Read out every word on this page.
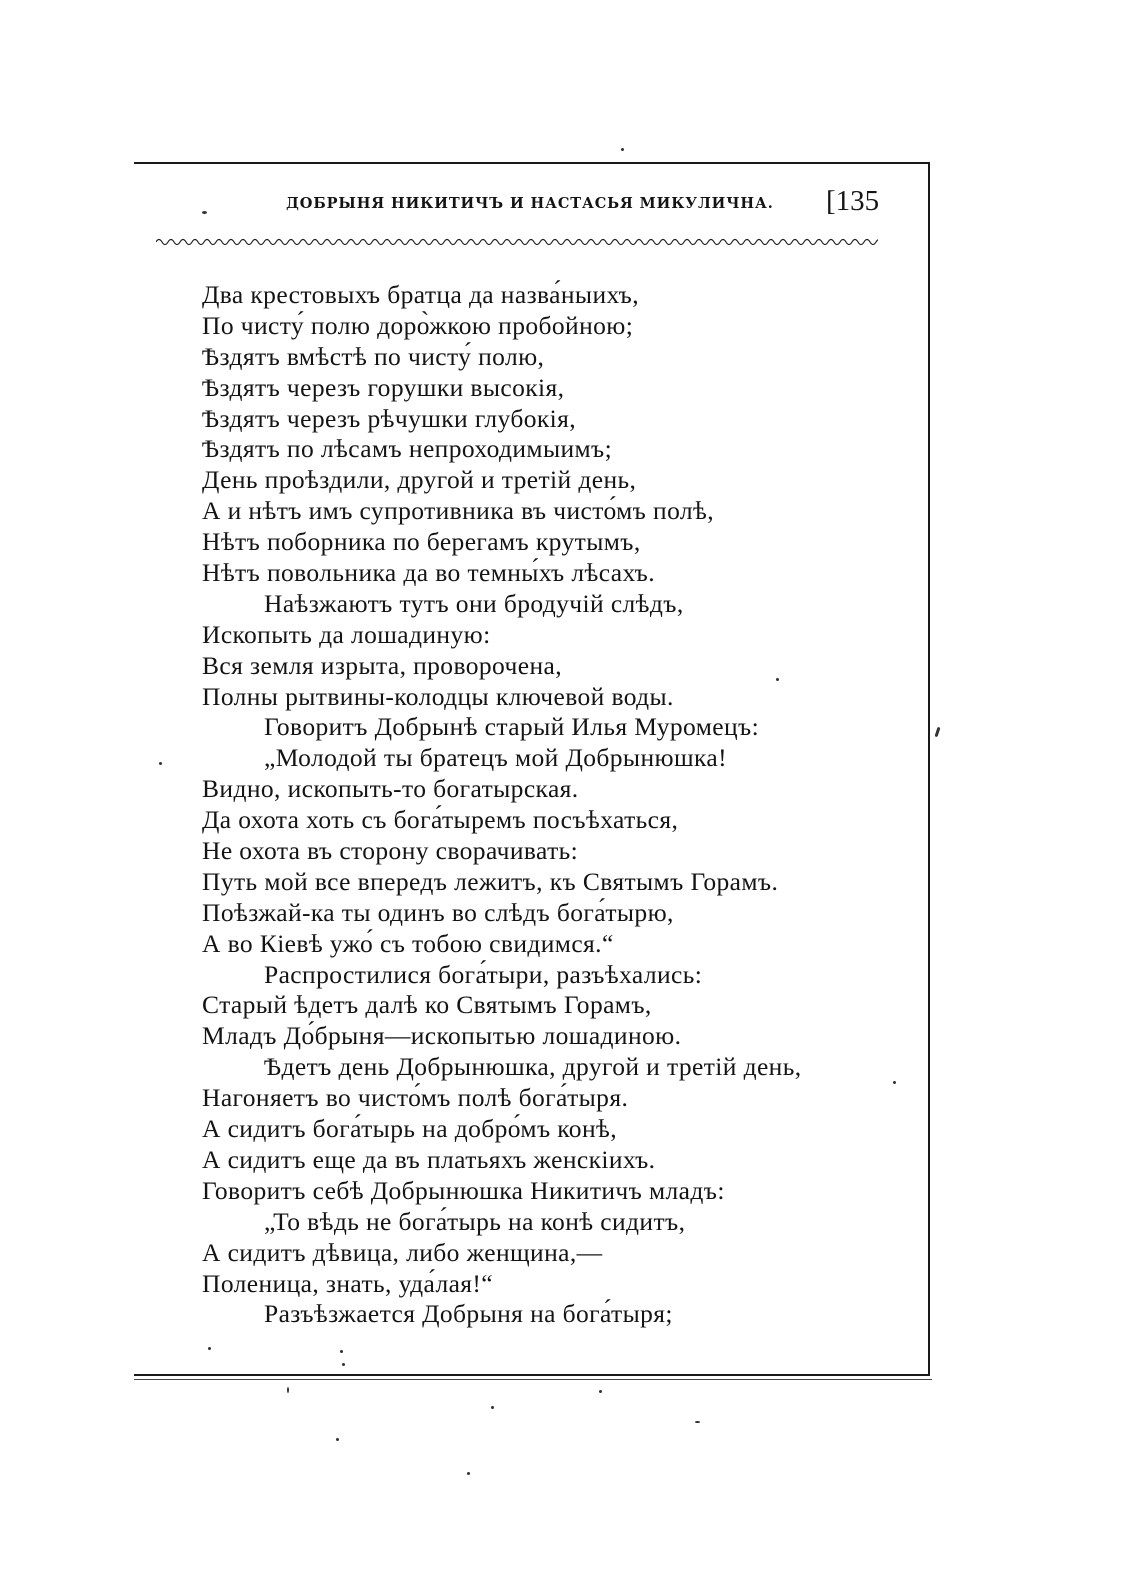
ДОБРЫНЯ НИКИТИЧЪ И НАСТАСЬЯ МИКУЛИЧНА. [135
Два крестовыхъ братца да назва́ныихъ,
По чисту́ полю доро̀жкою пробойною;
Ѣздятъ вмѣстѣ по чисту́ полю,
Ѣздятъ черезъ горушки высокія,
Ѣздятъ черезъ рѣчушки глубокія,
Ѣздятъ по лѣсамъ непроходимыимъ;
День проѣздили, другой и третій день,
А и нѣтъ имъ супротивника въ чисто́мъ полѣ,
Нѣтъ поборника по берегамъ крутымъ,
Нѣтъ повольника да во темны́хъ лѣсахъ.
Наѣзжаютъ тутъ они бродучій слѣдъ,
Ископыть да лошадиную:
Вся земля изрыта, проворочена,
Полны рытвины-колодцы ключевой воды.
Говоритъ Добрынѣ старый Илья Муромецъ:
„Молодой ты братецъ мой Добрынюшка!
Видно, ископыть-то богатырская.
Да охота хоть съ бога́тыремъ посъѣхаться,
Не охота въ сторону сворачивать:
Путь мой все впередъ лежитъ, къ Святымъ Горамъ.
Поѣзжай-ка ты одинъ во слѣдъ бога́тырю,
А во Кіевѣ ужо́ съ тобою свидимся.“
Распростилися бога́тыри, разъѣхались:
Старый ѣдетъ далѣ ко Святымъ Горамъ,
Младъ До́брыня—ископытью лошадиною.
Ѣдетъ день Добрынюшка, другой и третій день,
Нагоняетъ во чисто́мъ полѣ бога́тыря.
А сидитъ бога́тырь на добро́мъ конѣ,
А сидитъ еще да въ платьяхъ женскіихъ.
Говоритъ себѣ Добрынюшка Никитичъ младъ:
„То вѣдь не бога́тырь на конѣ сидитъ,
А сидитъ дѣвица, либо женщина,—
Поленица, знать, уда́лая!“
Разъѣзжается Добрыня на бога́тыря;
